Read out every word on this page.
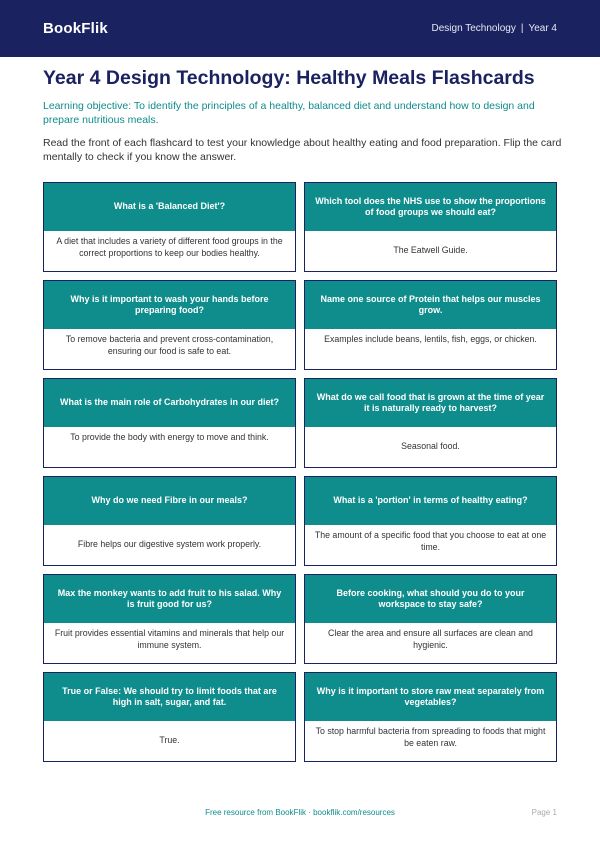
BookFlik	Design Technology | Year 4
Year 4 Design Technology: Healthy Meals Flashcards

Learning objective: To identify the principles of a healthy, balanced diet and understand how to design and prepare nutritious meals.

Read the front of each flashcard to test your knowledge about healthy eating and food preparation. Flip the card mentally to check if you know the answer.

What is a 'Balanced Diet'?
A diet that includes a variety of different food groups in the correct proportions to keep our bodies healthy.
Which tool does the NHS use to show the proportions of food groups we should eat?
The Eatwell Guide.
Why is it important to wash your hands before preparing food?
To remove bacteria and prevent cross-contamination, ensuring our food is safe to eat.
Name one source of Protein that helps our muscles grow.
Examples include beans, lentils, fish, eggs, or chicken.
What is the main role of Carbohydrates in our diet?
To provide the body with energy to move and think.
What do we call food that is grown at the time of year it is naturally ready to harvest?
Seasonal food.
Why do we need Fibre in our meals?
Fibre helps our digestive system work properly.
What is a 'portion' in terms of healthy eating?
The amount of a specific food that you choose to eat at one time.
Max the monkey wants to add fruit to his salad. Why is fruit good for us?
Fruit provides essential vitamins and minerals that help our immune system.
Before cooking, what should you do to your workspace to stay safe?
Clear the area and ensure all surfaces are clean and hygienic.
True or False: We should try to limit foods that are high in salt, sugar, and fat.
True.
Why is it important to store raw meat separately from vegetables?
To stop harmful bacteria from spreading to foods that might be eaten raw.
Free resource from BookFlik · bookflik.com/resources	Page 1
